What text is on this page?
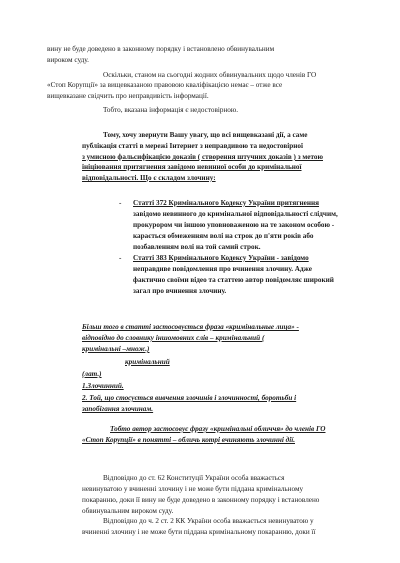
вину не буде доведено в законному порядку і встановлено обвинувальним
вироком суду.
Оскільки, станом на сьогодні жодних обвинувальних щодо членів ГО
«Стоп Корупції» за вищевказаною правовою кваліфікацією немає – отже все
вищевказане свідчить про неправдивість інформації.
Тобто, вказана інформація є недостовірною.
Тому, хочу звернути Вашу увагу, що всі вищевказані дії, а саме
публікація статті в мережі Інтернет з неправдивою та недостовірної
з умисною фальсифікацією доказів ( створення штучних доказів ) з метою
ініціювання притягнення завідомо невинної особи до кримінальної
відповідальності. Що є складом злочину:
- Статті 372 Кримінального Кодексу України притягнення
завідомо невинного до кримінальної відповідальності слідчим,
прокурором чи іншою уповноваженою на те законом особою -
карається обмеженням волі на строк до п'яти років або
позбавленням волі на той самий строк.
- Статті 383 Кримінального Кодексу України - завідомо
неправдиве повідомлення про вчинення злочину. Адже
фактично своїми відео та статтею автор повідомляє широкий
загал про вчинення злочину.
Більш того в статті застосовується фраза «кримінальные лица» -
відповідно до словнику іншомовних слів – кримінальний (
кримінальні –множ.)
кримінальний
(лат.)
1.Злочинний.
2. Той, що стосується вивчення злочинів і злочинності, боротьби і
запобігання злочинам.
Тобто автор застосовує фразу «кримінальні обличчя» до членів ГО
«Стоп Корупції» в понятті – обличь котрі вчиняють злочинні дії.
Відповідно до ст. 62 Конституції України особа вважається
невинуватою у вчиненні злочину і не може бути піддана кримінальному
покаранню, доки її вину не буде доведено в законному порядку і встановлено
обвинувальним вироком суду.
Відповідно до ч. 2 ст. 2 КК України особа вважається невинуватою у
вчиненні злочину і не може бути піддана кримінальному покаранню, доки її
